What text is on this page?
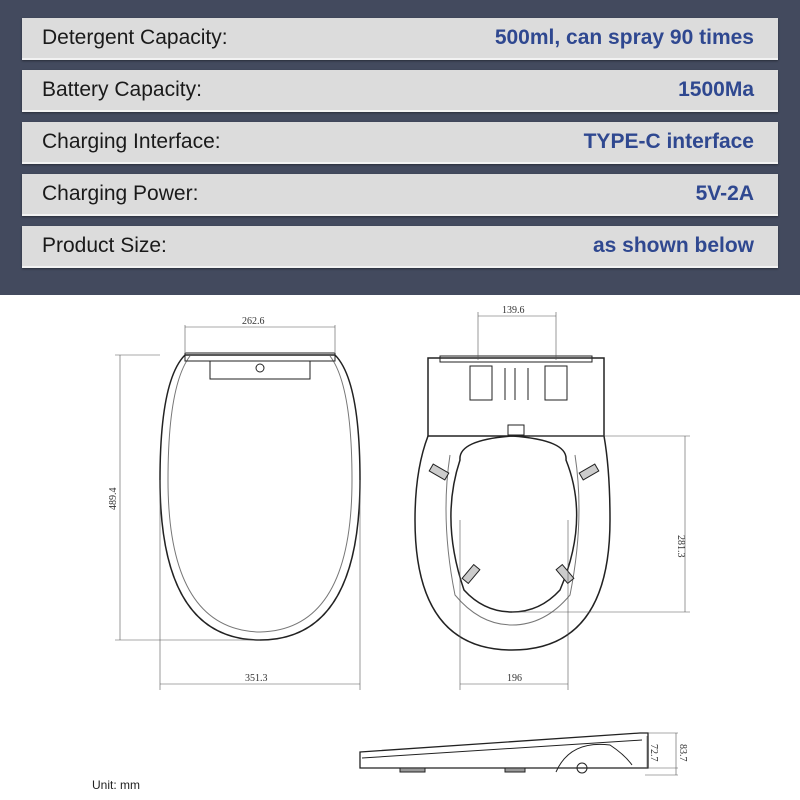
Detergent Capacity:	500ml, can spray 90 times
Battery Capacity:	1500Ma
Charging Interface:	TYPE-C interface
Charging Power:	5V-2A
Product Size:	as shown below
262.6
489.4
351.3
139.6
281.3
196
72.7 83.7
Unit: mm
